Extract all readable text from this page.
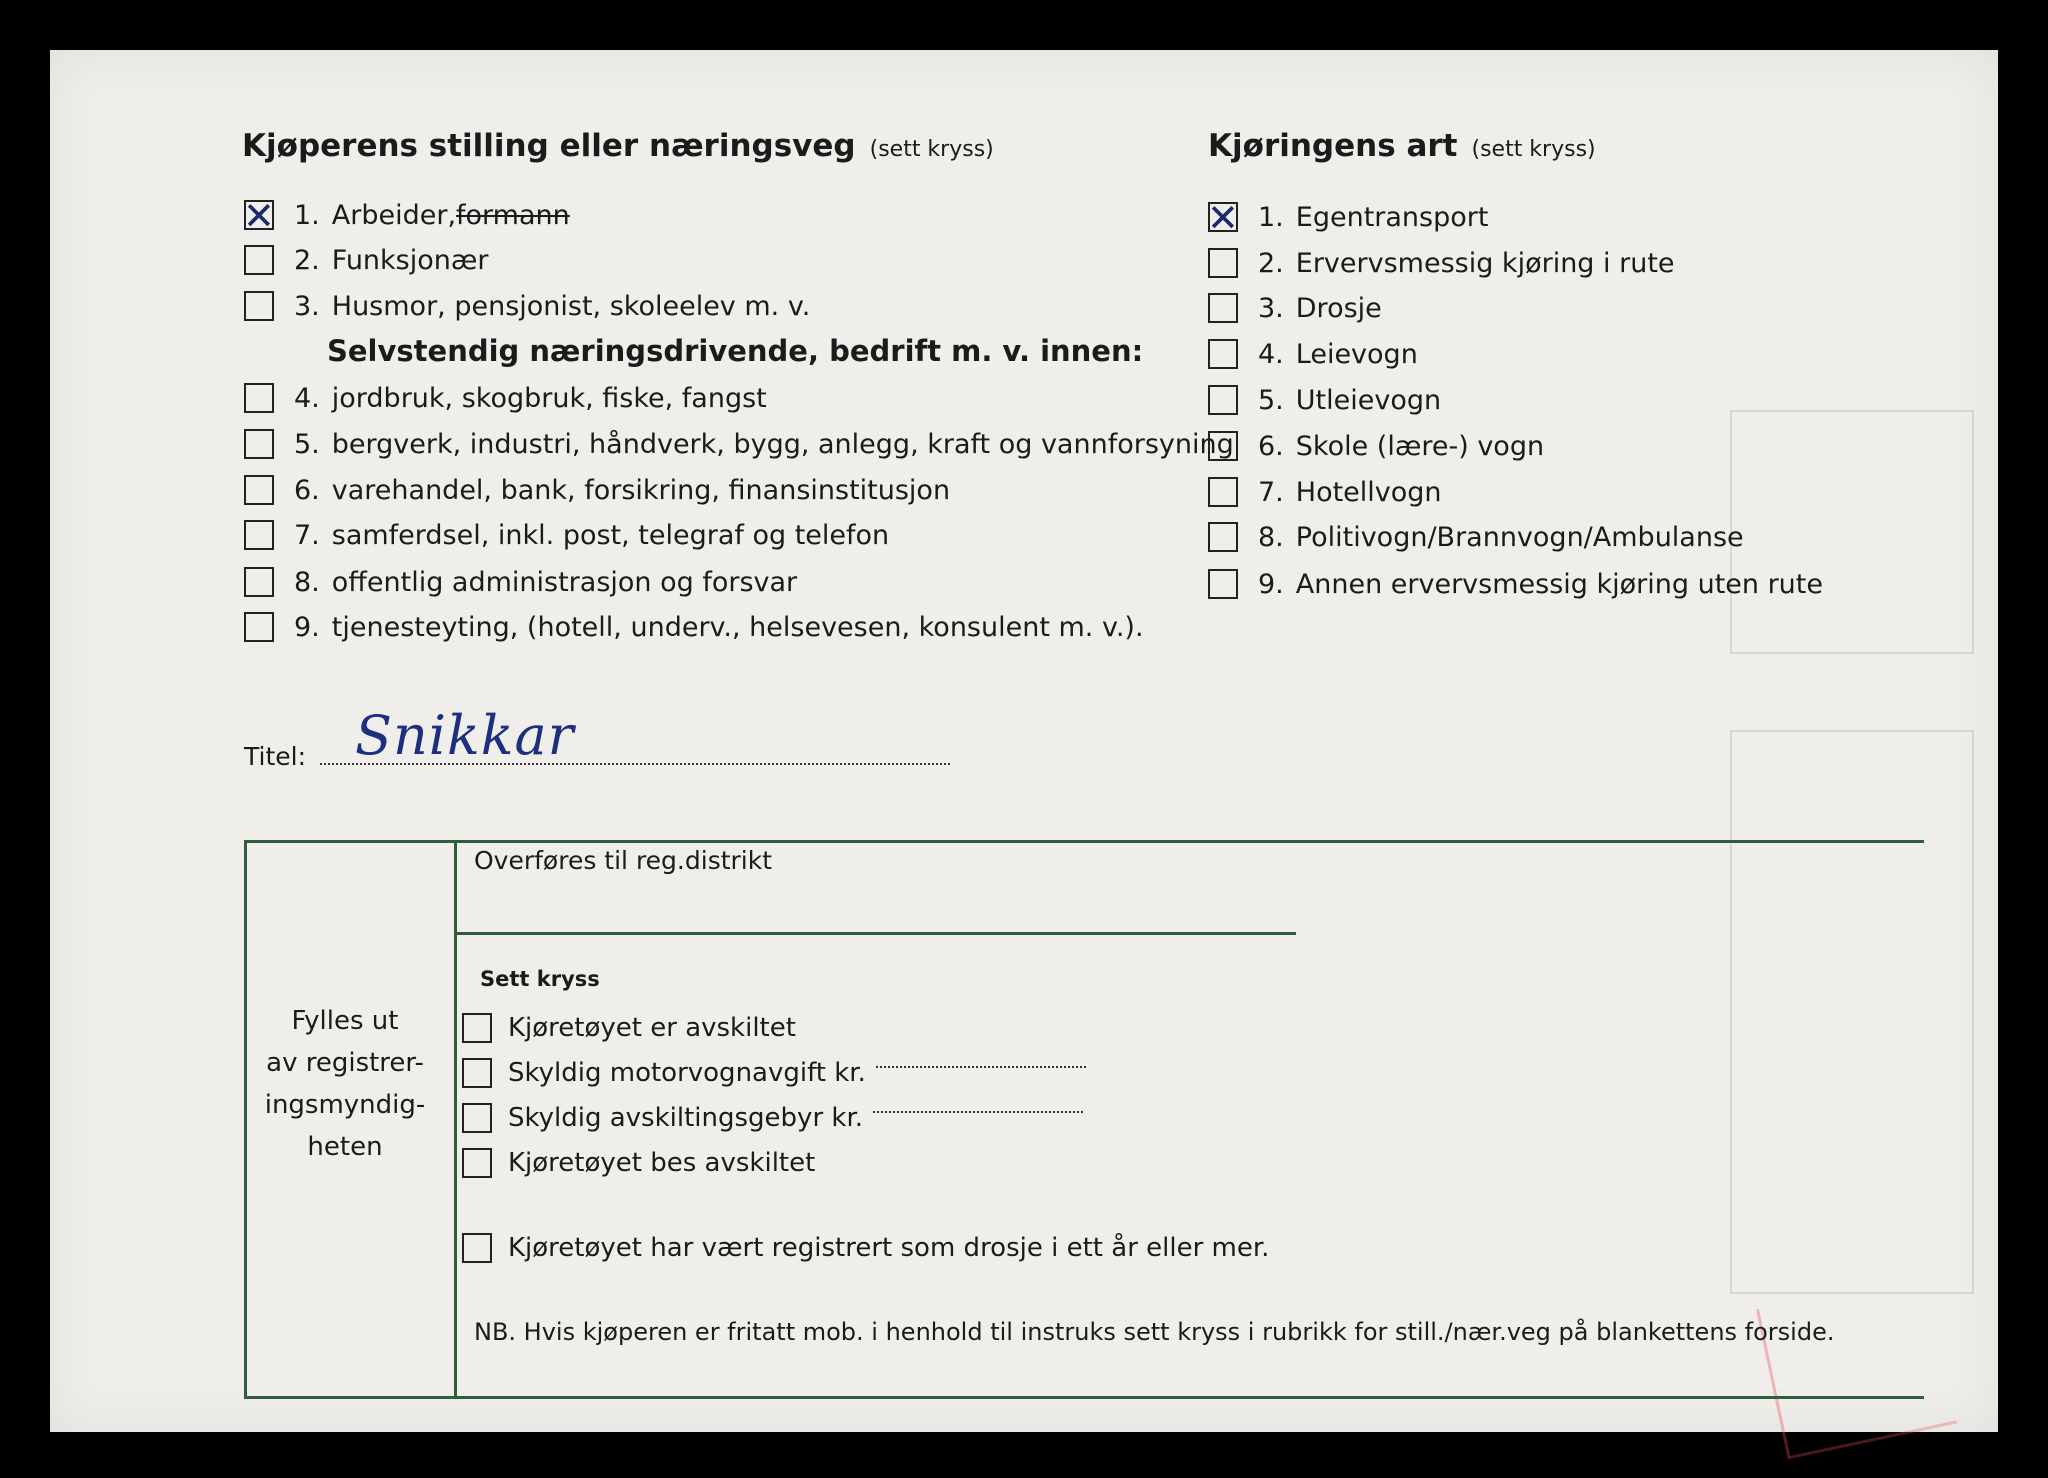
Kjøperens stilling eller næringsveg (sett kryss)
✕ 1. Arbeider, formann
2. Funksjonær
3. Husmor, pensjonist, skoleelev m. v.
Selvstendig næringsdrivende, bedrift m. v. innen:
4. jordbruk, skogbruk, fiske, fangst
5. bergverk, industri, håndverk, bygg, anlegg, kraft og vannforsyning
6. varehandel, bank, forsikring, finansinstitusjon
7. samferdsel, inkl. post, telegraf og telefon
8. offentlig administrasjon og forsvar
9. tjenesteyting, (hotell, underv., helsevesen, konsulent m. v.).
Kjøringens art (sett kryss)
✕ 1. Egentransport
2. Ervervsmessig kjøring i rute
3. Drosje
4. Leievogn
5. Utleievogn
6. Skole (lære-) vogn
7. Hotellvogn
8. Politivogn/Brannvogn/Ambulanse
9. Annen ervervsmessig kjøring uten rute
Titel: Snikkar
Fylles ut
av registrer-
ingsmyndig-
heten
Overføres til reg.distrikt
Sett kryss
Kjøretøyet er avskiltet
Skyldig motorvognavgift kr.
Skyldig avskiltingsgebyr kr.
Kjøretøyet bes avskiltet
Kjøretøyet har vært registrert som drosje i ett år eller mer.
NB. Hvis kjøperen er fritatt mob. i henhold til instruks sett kryss i rubrikk for still./nær.veg på blankettens forside.
